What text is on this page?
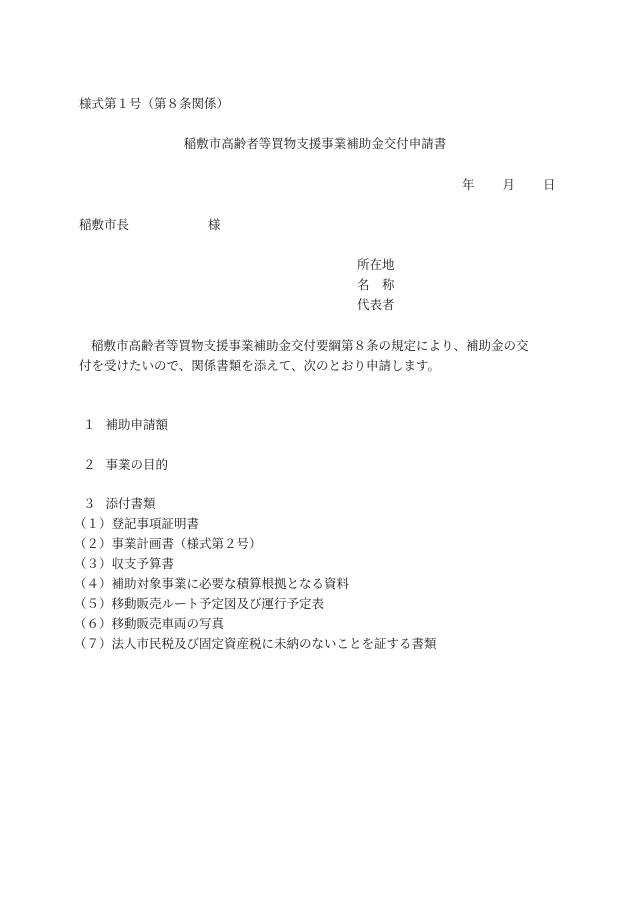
様式第１号（第８条関係）
稲敷市高齢者等買物支援事業補助金交付申請書
年 月 日
稲敷市長	様
所在地
名　称
代表者
稲敷市高齢者等買物支援事業補助金交付要綱第８条の規定により、補助金の交
付を受けたいので、関係書類を添えて、次のとおり申請します。
１ 補助申請額
２ 事業の目的
３ 添付書類
（１）登記事項証明書
（２）事業計画書（様式第２号）
（３）収支予算書
（４）補助対象事業に必要な積算根拠となる資料
（５）移動販売ルート予定図及び運行予定表
（６）移動販売車両の写真
（７）法人市民税及び固定資産税に未納のないことを証する書類
